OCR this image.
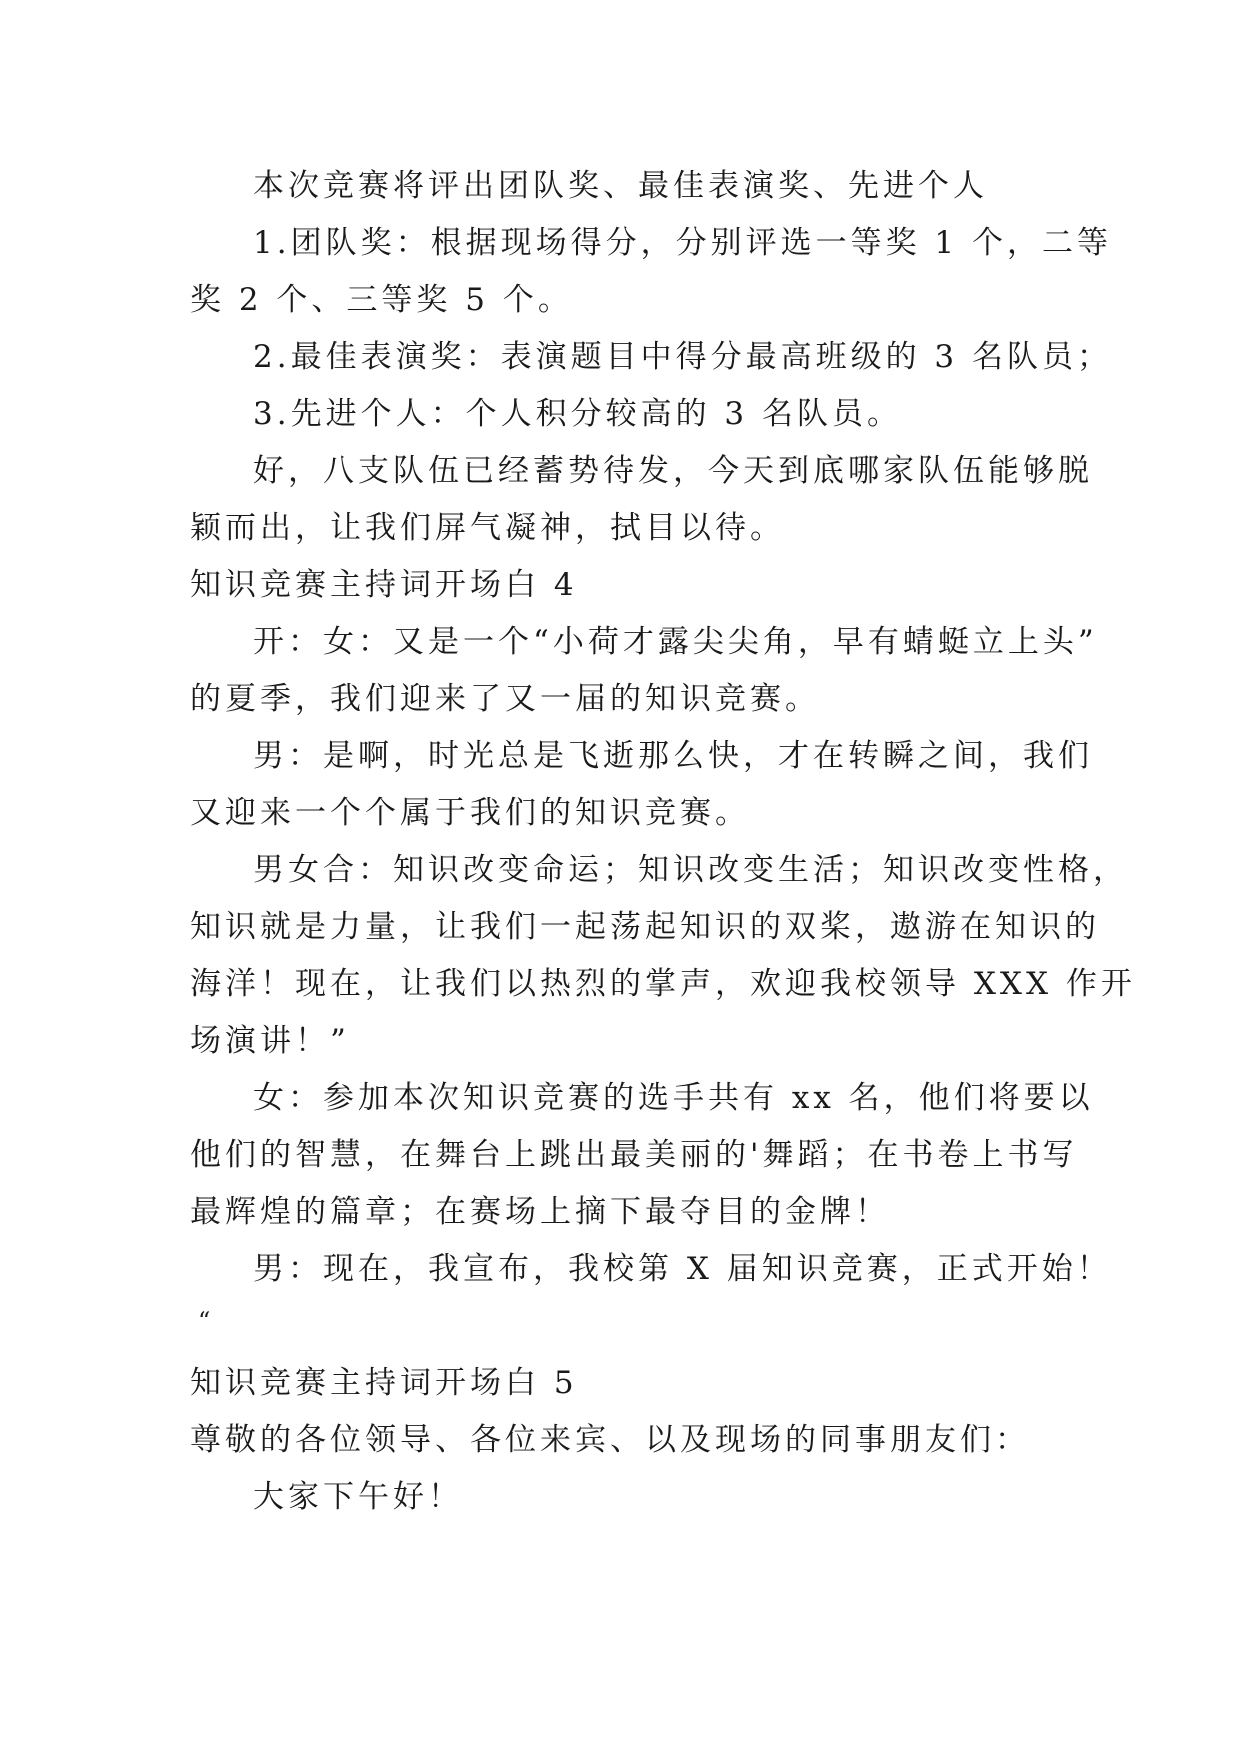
本次竞赛将评出团队奖、最佳表演奖、先进个人
1.团队奖：根据现场得分，分别评选一等奖 1 个，二等
奖 2 个、三等奖 5 个。
2.最佳表演奖：表演题目中得分最高班级的 3 名队员；
3.先进个人：个人积分较高的 3 名队员。
好，八支队伍已经蓄势待发，今天到底哪家队伍能够脱
颖而出，让我们屏气凝神，拭目以待。
知识竞赛主持词开场白 4
开：女：又是一个“小荷才露尖尖角，早有蜻蜓立上头”
的夏季，我们迎来了又一届的知识竞赛。
男：是啊，时光总是飞逝那么快，才在转瞬之间，我们
又迎来一个个属于我们的知识竞赛。
男女合：知识改变命运；知识改变生活；知识改变性格，
知识就是力量，让我们一起荡起知识的双桨，遨游在知识的
海洋！现在，让我们以热烈的掌声，欢迎我校领导 XXX 作开
场演讲！”
女：参加本次知识竞赛的选手共有 xx 名，他们将要以
他们的智慧，在舞台上跳出最美丽的'舞蹈；在书卷上书写
最辉煌的篇章；在赛场上摘下最夺目的金牌！
男：现在，我宣布，我校第 X 届知识竞赛，正式开始！
“
知识竞赛主持词开场白 5
尊敬的各位领导、各位来宾、以及现场的同事朋友们：
大家下午好！
